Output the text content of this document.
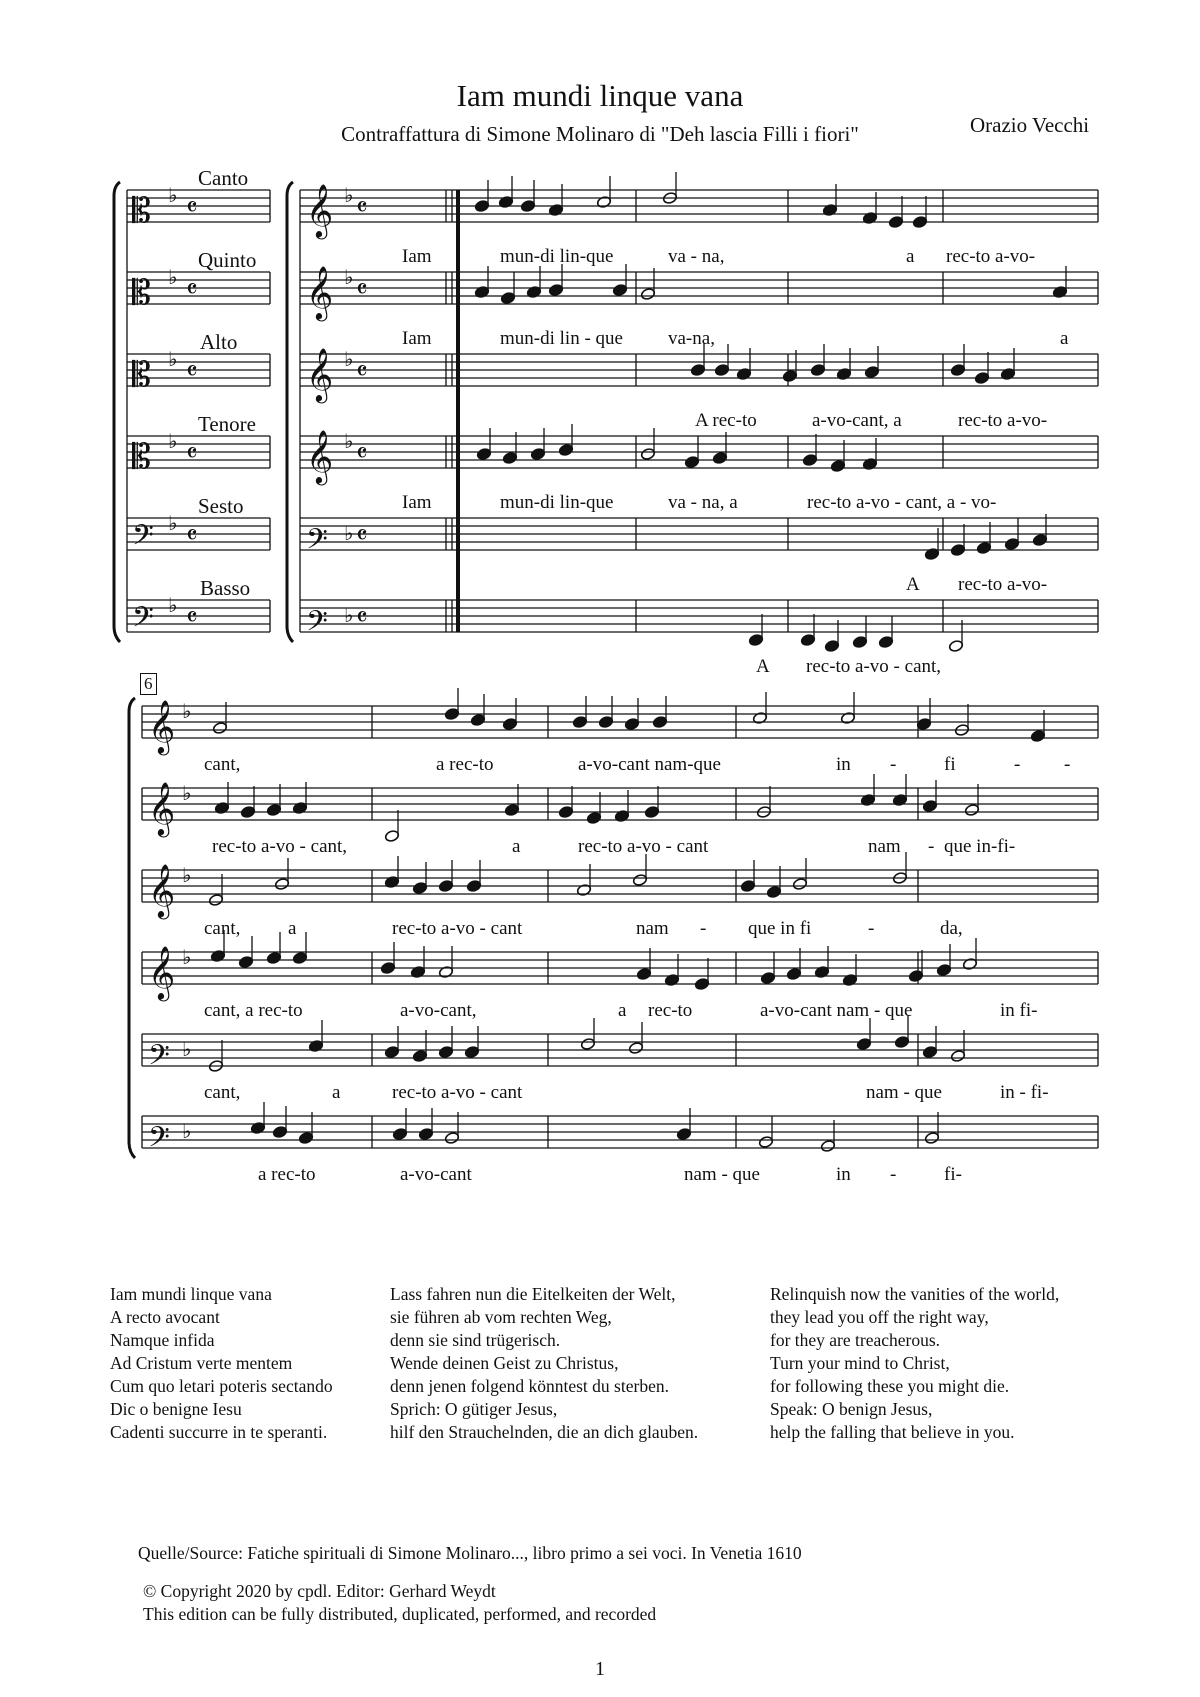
Iam mundi linque vana
Contraffattura di Simone Molinaro di "Deh lascia Filli i fiori"	Orazio Vecchi
Canto
Quinto
Alto
Tenore
Sesto
Basso
6
𝄡 ♭ 𝄴 𝄞 ♭ 𝄴
𝄡 ♭ 𝄴 𝄞 ♭ 𝄴
𝄡 ♭ 𝄴 𝄞 ♭ 𝄴
𝄡 ♭ 𝄴 𝄞 ♭ 𝄴
𝄢 ♭ 𝄴	𝄢 ♭ 𝄴
𝄢 ♭ 𝄴	𝄢 ♭ 𝄴
𝄞 ♭
𝄞 ♭
𝄞 ♭
𝄞 ♭
𝄢 ♭
𝄢 ♭
Iam	mun-di lin-que	va - na,	a rec-to a-vo-
Iam	mun-di lin - que va-na,	a
A rec-to	a-vo-cant, a	rec-to a-vo-
Iam	mun-di lin-que	va - na, a	rec-to a-vo - cant, a - vo-
A rec-to a-vo-
A rec-to a-vo - cant,
cant,	a rec-to	a-vo-cant nam-que	in -	fi	- -
rec-to a-vo - cant,	a	rec-to a-vo - cant	nam - que in-fi-
cant,	a	rec-to a-vo - cant	nam - que in fi	-	da,
cant, a rec-to	a-vo-cant,	a rec-to	a-vo-cant nam - que	in fi-
cant,	a	rec-to a-vo - cant	nam - que	in - fi-
a rec-to	a-vo-cant	nam - que	in -	fi-
Iam mundi linque vana
A recto avocant
Namque infida
Ad Cristum verte mentem
Cum quo letari poteris sectando
Dic o benigne Iesu
Cadenti succurre in te speranti.
Lass fahren nun die Eitelkeiten der Welt,
sie führen ab vom rechten Weg,
denn sie sind trügerisch.
Wende deinen Geist zu Christus,
denn jenen folgend könntest du sterben.
Sprich: O gütiger Jesus,
hilf den Strauchelnden, die an dich glauben.
Relinquish now the vanities of the world,
they lead you off the right way,
for they are treacherous.
Turn your mind to Christ,
for following these you might die.
Speak: O benign Jesus,
help the falling that believe in you.
Quelle/Source: Fatiche spirituali di Simone Molinaro..., libro primo a sei voci. In Venetia 1610
© Copyright 2020 by cpdl. Editor: Gerhard Weydt
This edition can be fully distributed, duplicated, performed, and recorded
1
